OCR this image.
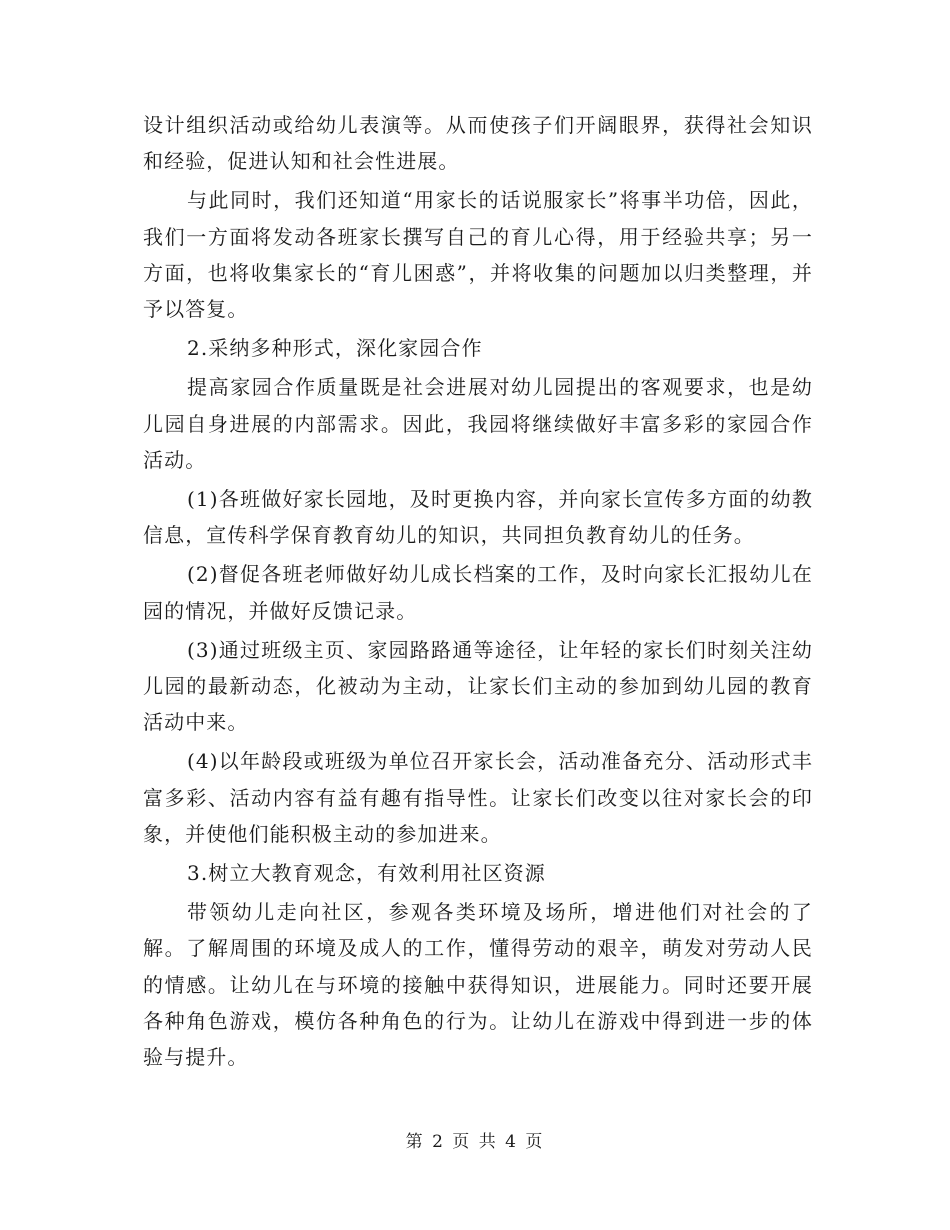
设计组织活动或给幼儿表演等。从而使孩子们开阔眼界，获得社会知识和经验，促进认知和社会性进展。

与此同时，我们还知道“用家长的话说服家长”将事半功倍，因此，我们一方面将发动各班家长撰写自己的育儿心得，用于经验共享；另一方面，也将收集家长的“育儿困惑”，并将收集的问题加以归类整理，并予以答复。

2.采纳多种形式，深化家园合作

提高家园合作质量既是社会进展对幼儿园提出的客观要求，也是幼儿园自身进展的内部需求。因此，我园将继续做好丰富多彩的家园合作活动。

(1)各班做好家长园地，及时更换内容，并向家长宣传多方面的幼教信息，宣传科学保育教育幼儿的知识，共同担负教育幼儿的任务。

(2)督促各班老师做好幼儿成长档案的工作，及时向家长汇报幼儿在园的情况，并做好反馈记录。

(3)通过班级主页、家园路路通等途径，让年轻的家长们时刻关注幼儿园的最新动态，化被动为主动，让家长们主动的参加到幼儿园的教育活动中来。

(4)以年龄段或班级为单位召开家长会，活动准备充分、活动形式丰富多彩、活动内容有益有趣有指导性。让家长们改变以往对家长会的印象，并使他们能积极主动的参加进来。

3.树立大教育观念，有效利用社区资源

带领幼儿走向社区，参观各类环境及场所，增进他们对社会的了解。了解周围的环境及成人的工作，懂得劳动的艰辛，萌发对劳动人民的情感。让幼儿在与环境的接触中获得知识，进展能力。同时还要开展各种角色游戏，模仿各种角色的行为。让幼儿在游戏中得到进一步的体验与提升。

第 2 页 共 4 页
